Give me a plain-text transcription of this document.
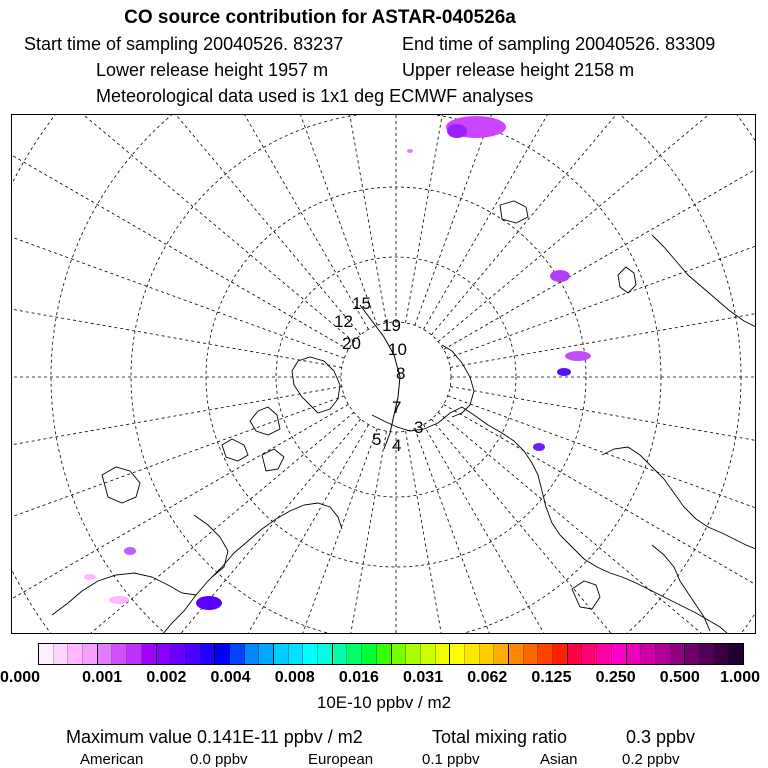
CO source contribution for ASTAR-040526a
Start time of sampling 20040526. 83237	End time of sampling 20040526. 83309
Lower release height 1957 m	Upper release height 2158 m
Meteorological data used is 1x1 deg ECMWF analyses
15
12
20
19
10
8
7
5 4
3
0.000	0.001 0.002 0.004 0.008 0.016 0.031 0.062 0.125 0.250 0.500 1.000
10E-10 ppbv / m2
Maximum value 0.141E-11 ppbv / m2	Total mixing ratio	0.3 ppbv
American	0.0 ppbv	European	0.1 ppbv	Asian	0.2 ppbv
